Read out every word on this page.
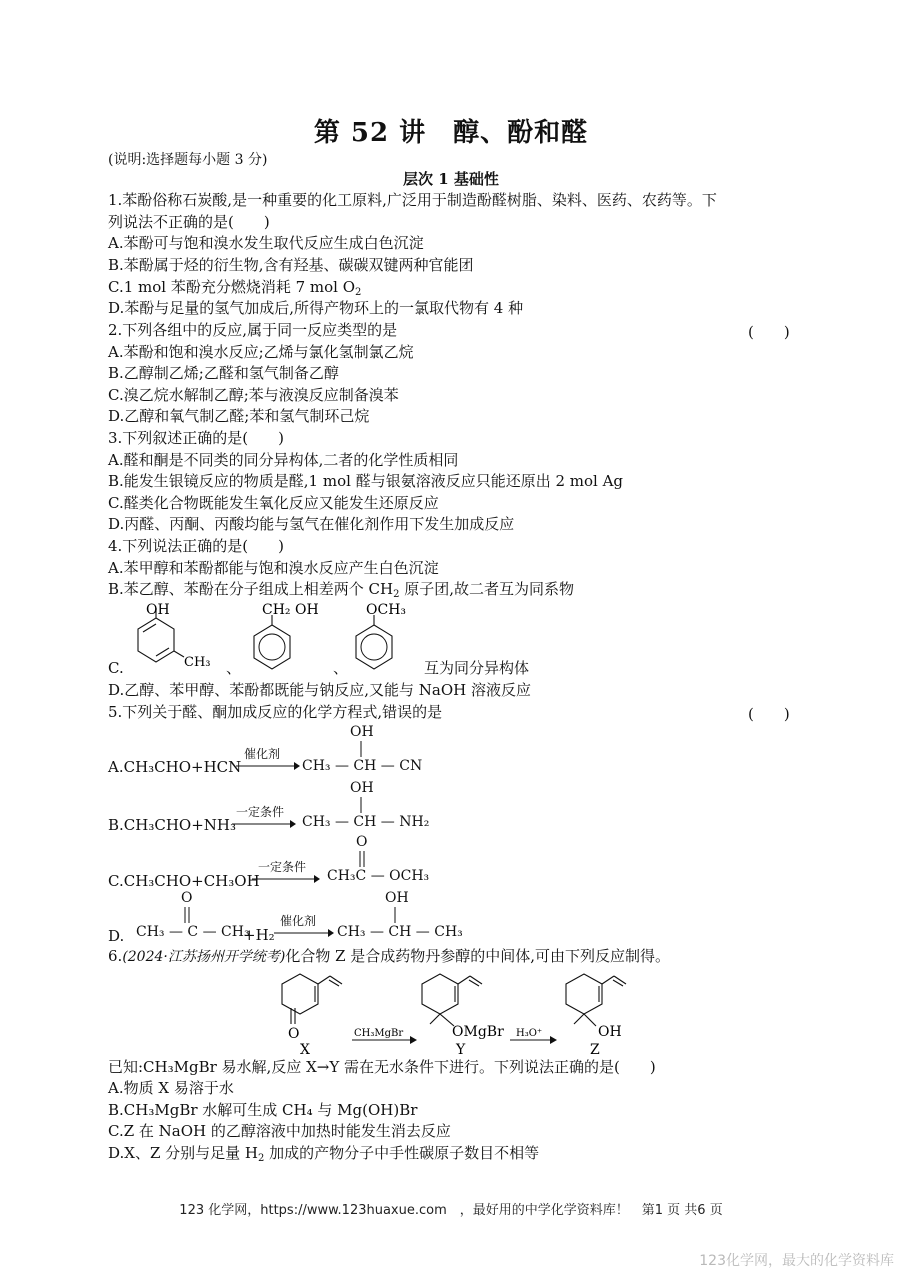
第 52 讲　醇、酚和醛
(说明:选择题每小题 3 分)
层次 1 基础性
1.苯酚俗称石炭酸,是一种重要的化工原料,广泛用于制造酚醛树脂、染料、医药、农药等。下
列说法不正确的是(　　)
A.苯酚可与饱和溴水发生取代反应生成白色沉淀
B.苯酚属于烃的衍生物,含有羟基、碳碳双键两种官能团
C.1 mol 苯酚充分燃烧消耗 7 mol $O_2$
D.苯酚与足量的氢气加成后,所得产物环上的一氯取代物有 4 种
2.下列各组中的反应,属于同一反应类型的是	(　　)
A.苯酚和饱和溴水反应;乙烯与氯化氢制氯乙烷
B.乙醇制乙烯;乙醛和氢气制备乙醇
C.溴乙烷水解制乙醇;苯与液溴反应制备溴苯
D.乙醇和氧气制乙醛;苯和氢气制环己烷
3.下列叙述正确的是(　　)
A.醛和酮是不同类的同分异构体,二者的化学性质相同
B.能发生银镜反应的物质是醛,1 mol 醛与银氨溶液反应只能还原出 2 mol Ag
C.醛类化合物既能发生氧化反应又能发生还原反应
D.丙醛、丙酮、丙酸均能与氢气在催化剂作用下发生加成反应
4.下列说法正确的是(　　)
A.苯甲醇和苯酚都能与饱和溴水反应产生白色沉淀
B.苯乙醇、苯酚在分子组成上相差两个 $CH_2$ 原子团,故二者互为同系物
OH
CH₃
CH₂ OH	OCH₃
C.	、	、	互为同分异构体
D.乙醇、苯甲醇、苯酚都既能与钠反应,又能与 NaOH 溶液反应
5.下列关于醛、酮加成反应的化学方程式,错误的是	(　　)
A.CH₃CHO+HCN
催化剂
OH
CH₃ — CH — CN
B.CH₃CHO+NH₃
一定条件
OH
CH₃ — CH — NH₂
C.CH₃CHO+CH₃OH
一定条件
O
CH₃C — OCH₃
D.
O
CH₃ — C — CH₃
+H₂
催化剂
OH
CH₃ — CH — CH₃
6.(2024·江苏扬州开学统考)化合物 Z 是合成药物丹参醇的中间体,可由下列反应制得。
O
X
CH₃MgBr	OMgBr
Y
H₃O⁺	OH
Z
已知:CH₃MgBr 易水解,反应 X→Y 需在无水条件下进行。下列说法正确的是(　　)
A.物质 X 易溶于水
B.CH₃MgBr 水解可生成 CH₄ 与 Mg(OH)Br
C.Z 在 NaOH 的乙醇溶液中加热时能发生消去反应
D.X、Z 分别与足量 $H_2$ 加成的产物分子中手性碳原子数目不相等
123 化学网，https://www.123huaxue.com　，最好用的中学化学资料库！　第1 页 共6 页
123化学网，最大的化学资料库
